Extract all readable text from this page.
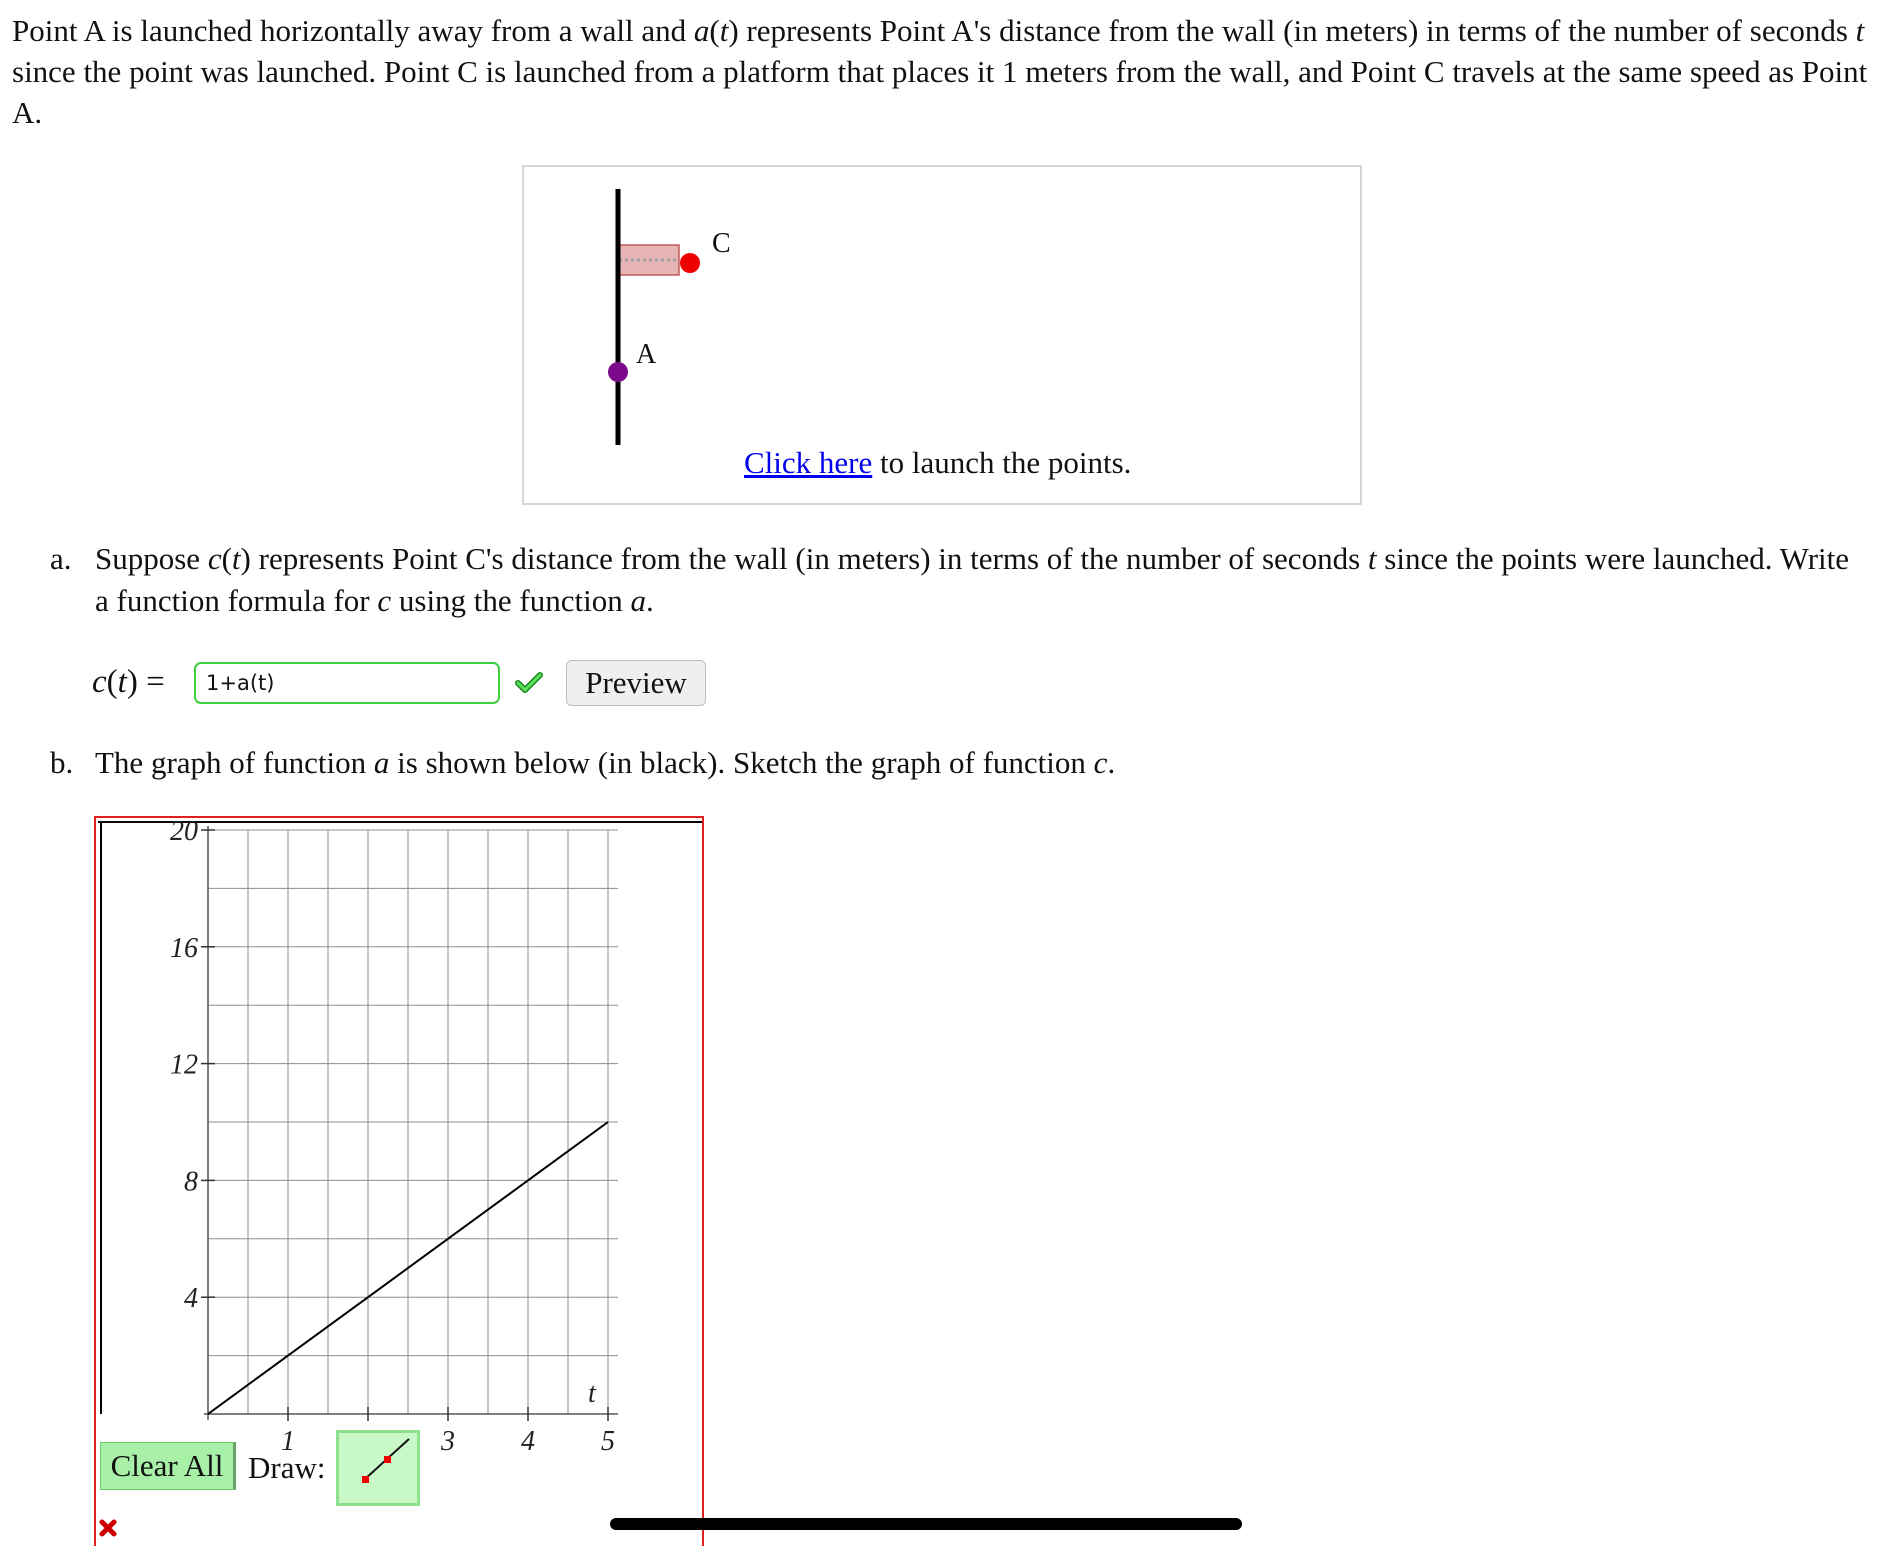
Point A is launched horizontally away from a wall and a(t) represents Point A's distance from the wall (in meters) in terms of the number of seconds t since the point was launched. Point C is launched from a platform that places it 1 meters from the wall, and Point C travels at the same speed as Point A.
C
A
Click here to launch the points.
a. Suppose c(t) represents Point C's distance from the wall (in meters) in terms of the number of seconds t since the points were launched. Write a function formula for c using the function a.
c(t) =
1+a(t)	Preview
b. The graph of function a is shown below (in black). Sketch the graph of function c.
20
16
12
8
4
1	3 4 5
t
Clear All Draw:
